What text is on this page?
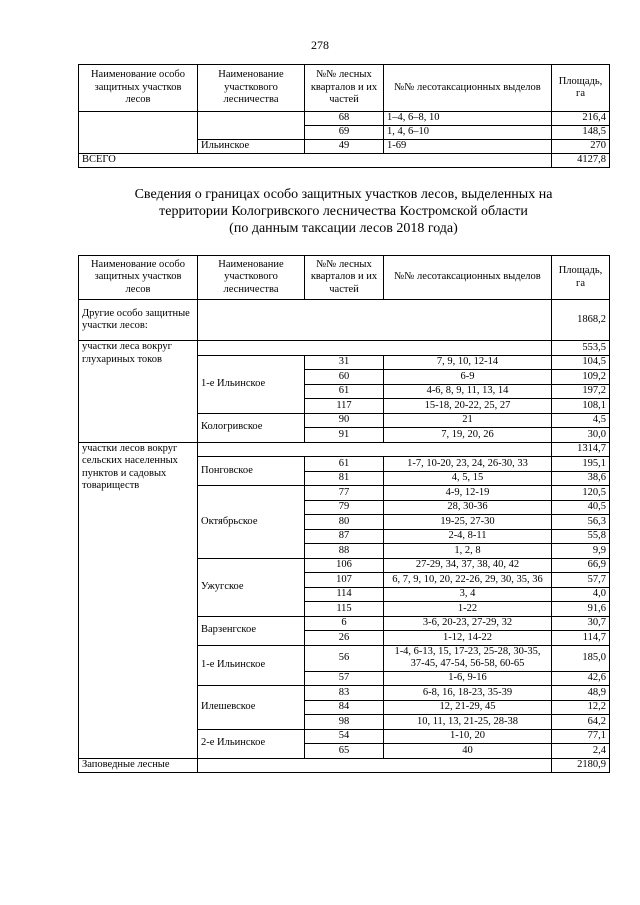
278
Наименование особо защитных участков лесов	Наименование участкового лесничества	№№ лесных кварталов и их частей	№№ лесотаксационных выделов	Площадь, га
		68	1–4, 6–8, 10	216,4
		69	1, 4, 6–10	148,5
	Ильинское	49	1-69	270
ВСЕГО				4127,8
Сведения о границах особо защитных участков лесов, выделенных на
территории Кологривского лесничества Костромской области
(по данным таксации лесов 2018 года)
Наименование особо защитных участков лесов	Наименование участкового лесничества	№№ лесных кварталов и их частей	№№ лесотаксационных выделов	Площадь, га
Другие особо защитные участки лесов:				1868,2
участки леса вокруг глухариных токов				553,5
	1-е Ильинское	31	7, 9, 10, 12-14	104,5
		60	6-9	109,2
		61	4-6, 8, 9, 11, 13, 14	197,2
		117	15-18, 20-22, 25, 27	108,1
	Кологривское	90	21	4,5
		91	7, 19, 20, 26	30,0
участки лесов вокруг сельских населенных пунктов и садовых товариществ				1314,7
	Понговское	61	1-7, 10-20, 23, 24, 26-30, 33	195,1
		81	4, 5, 15	38,6
	Октябрьское	77	4-9, 12-19	120,5
		79	28, 30-36	40,5
		80	19-25, 27-30	56,3
		87	2-4, 8-11	55,8
		88	1, 2, 8	9,9
	Ужугское	106	27-29, 34, 37, 38, 40, 42	66,9
		107	6, 7, 9, 10, 20, 22-26, 29, 30, 35, 36	57,7
		114	3, 4	4,0
		115	1-22	91,6
	Варзенгское	6	3-6, 20-23, 27-29, 32	30,7
		26	1-12, 14-22	114,7
	1-е Ильинское	56	1-4, 6-13, 15, 17-23, 25-28, 30-35, 37-45, 47-54, 56-58, 60-65	185,0
		57	1-6, 9-16	42,6
	Илешевское	83	6-8, 16, 18-23, 35-39	48,9
		84	12, 21-29, 45	12,2
		98	10, 11, 13, 21-25, 28-38	64,2
	2-е Ильинское	54	1-10, 20	77,1
		65	40	2,4
Заповедные лесные				2180,9
